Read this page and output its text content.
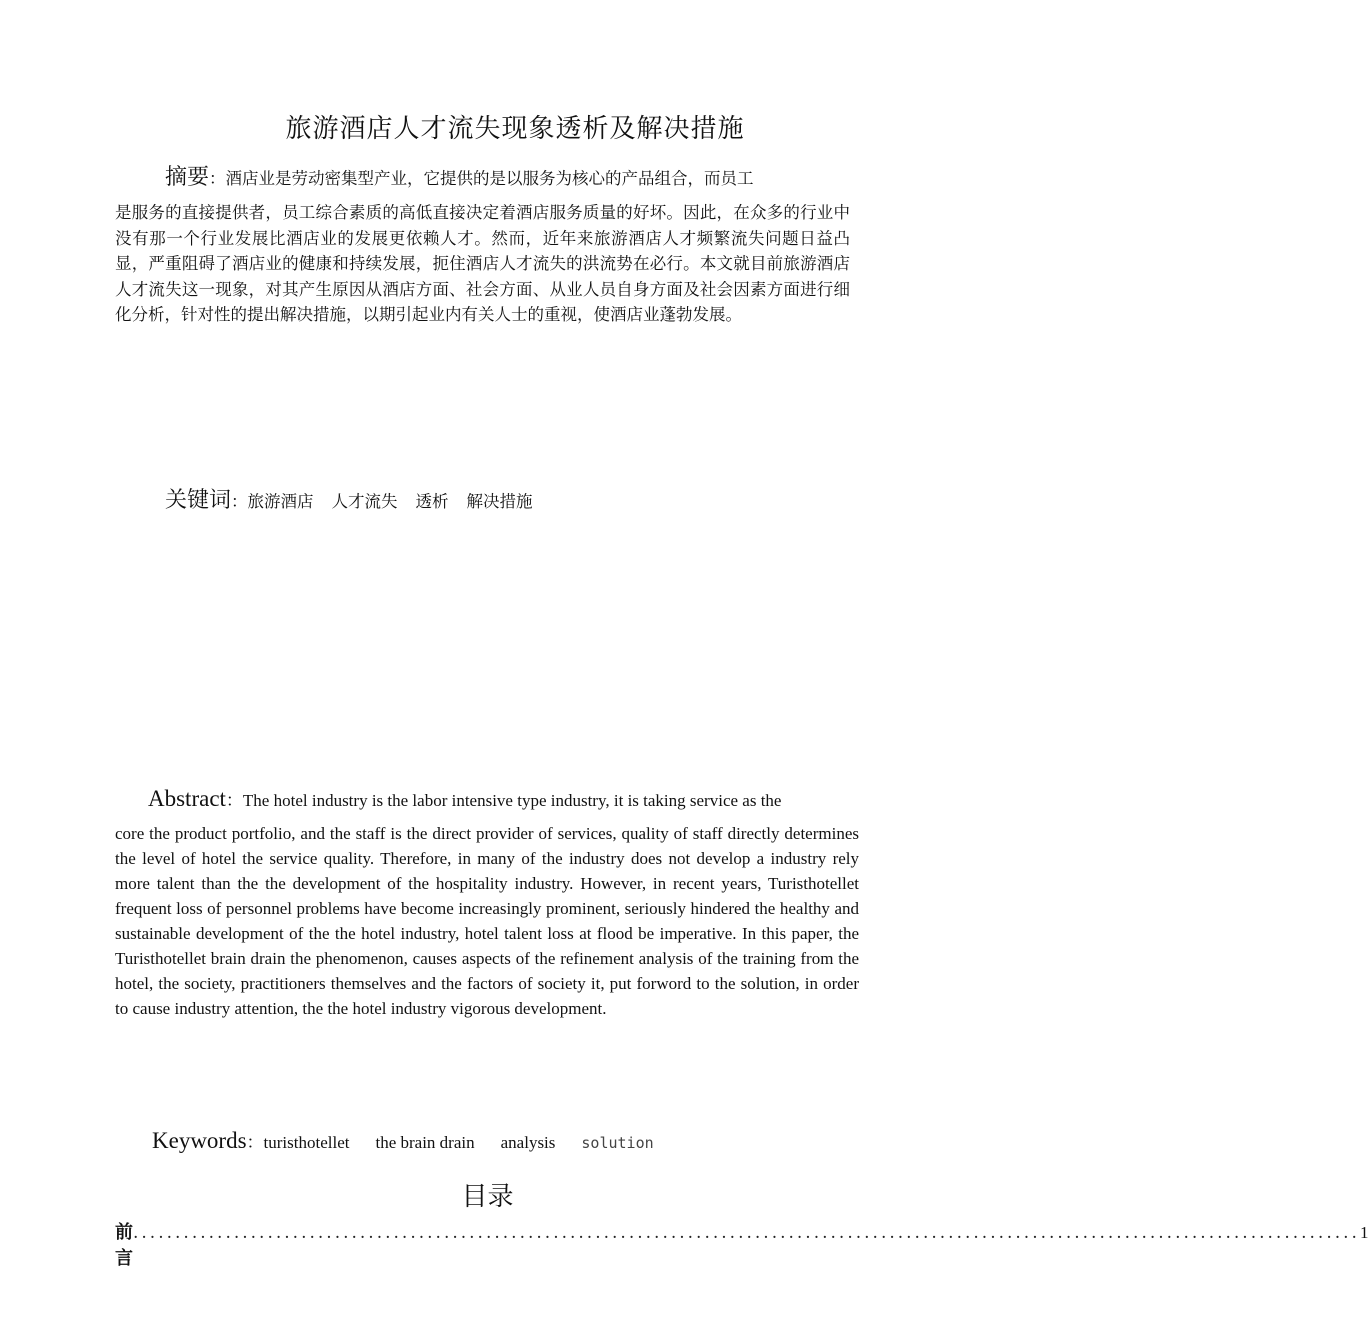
旅游酒店人才流失现象透析及解决措施
摘要：酒店业是劳动密集型产业，它提供的是以服务为核心的产品组合，而员工
是服务的直接提供者，员工综合素质的高低直接决定着酒店服务质量的好坏。因此，在众多的行业中没有那一个行业发展比酒店业的发展更依赖人才。然而，近年来旅游酒店人才频繁流失问题日益凸显，严重阻碍了酒店业的健康和持续发展，扼住酒店人才流失的洪流势在必行。本文就目前旅游酒店人才流失这一现象，对其产生原因从酒店方面、社会方面、从业人员自身方面及社会因素方面进行细化分析，针对性的提出解决措施，以期引起业内有关人士的重视，使酒店业蓬勃发展。
关键词：旅游酒店 人才流失 透析 解决措施
Abstract：The hotel industry is the labor intensive type industry, it is taking service as the
core the product portfolio, and the staff is the direct provider of services, quality of staff directly determines the level of hotel the service quality. Therefore, in many of the industry does not develop a industry rely more talent than the the development of the hospitality industry. However, in recent years, Turisthotellet frequent loss of personnel problems have become increasingly prominent, seriously hindered the healthy and sustainable development of the the hotel industry, hotel talent loss at flood be imperative. In this paper, the Turisthotellet brain drain the phenomenon, causes aspects of the refinement analysis of the training from the hotel, the society, practitioners themselves and the factors of society it, put forword to the solution, in order to cause industry attention, the the hotel industry vigorous development.
Keywords：turisthotellet the brain drain analysis solution
目录
前言
.................................................................................................................................................. 1
